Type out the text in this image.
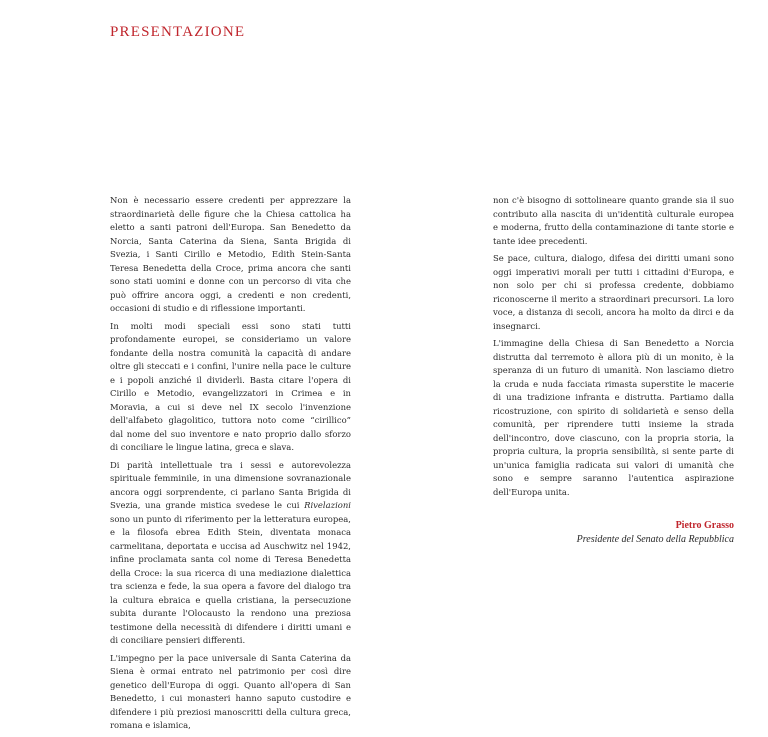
PRESENTAZIONE

Non è necessario essere credenti per apprezzare la straordinarietà delle figure che la Chiesa cattolica ha eletto a santi patroni dell'Europa. San Benedetto da Norcia, Santa Caterina da Siena, Santa Brigida di Svezia, i Santi Cirillo e Metodio, Edith Stein-Santa Teresa Benedetta della Croce, prima ancora che santi sono stati uomini e donne con un percorso di vita che può offrire ancora oggi, a credenti e non credenti, occasioni di studio e di riflessione importanti.

In molti modi speciali essi sono stati tutti profondamente europei, se consideriamo un valore fondante della nostra comunità la capacità di andare oltre gli steccati e i confini, l'unire nella pace le culture e i popoli anziché il dividerli. Basta citare l'opera di Cirillo e Metodio, evangelizzatori in Crimea e in Moravia, a cui si deve nel IX secolo l'invenzione dell'alfabeto glagolitico, tuttora noto come “cirillico” dal nome del suo inventore e nato proprio dallo sforzo di conciliare le lingue latina, greca e slava.

Di parità intellettuale tra i sessi e autorevolezza spirituale femminile, in una dimensione sovranazionale ancora oggi sorprendente, ci parlano Santa Brigida di Svezia, una grande mistica svedese le cui Rivelazioni sono un punto di riferimento per la letteratura europea, e la filosofa ebrea Edith Stein, diventata monaca carmelitana, deportata e uccisa ad Auschwitz nel 1942, infine proclamata santa col nome di Teresa Benedetta della Croce: la sua ricerca di una mediazione dialettica tra scienza e fede, la sua opera a favore del dialogo tra la cultura ebraica e quella cristiana, la persecuzione subita durante l'Olocausto la rendono una preziosa testimone della necessità di difendere i diritti umani e di conciliare pensieri differenti.

L'impegno per la pace universale di Santa Caterina da Siena è ormai entrato nel patrimonio per così dire genetico dell'Europa di oggi. Quanto all'opera di San Benedetto, i cui monasteri hanno saputo custodire e difendere i più preziosi manoscritti della cultura greca, romana e islamica,

non c'è bisogno di sottolineare quanto grande sia il suo contributo alla nascita di un'identità culturale europea e moderna, frutto della contaminazione di tante storie e tante idee precedenti.

Se pace, cultura, dialogo, difesa dei diritti umani sono oggi imperativi morali per tutti i cittadini d'Europa, e non solo per chi si professa credente, dobbiamo riconoscerne il merito a straordinari precursori. La loro voce, a distanza di secoli, ancora ha molto da dirci e da insegnarci.

L'immagine della Chiesa di San Benedetto a Norcia distrutta dal terremoto è allora più di un monito, è la speranza di un futuro di umanità. Non lasciamo dietro la cruda e nuda facciata rimasta superstite le macerie di una tradizione infranta e distrutta. Partiamo dalla ricostruzione, con spirito di solidarietà e senso della comunità, per riprendere tutti insieme la strada dell'incontro, dove ciascuno, con la propria storia, la propria cultura, la propria sensibilità, si sente parte di un'unica famiglia radicata sui valori di umanità che sono e sempre saranno l'autentica aspirazione dell'Europa unita.

Pietro Grasso
Presidente del Senato della Repubblica
